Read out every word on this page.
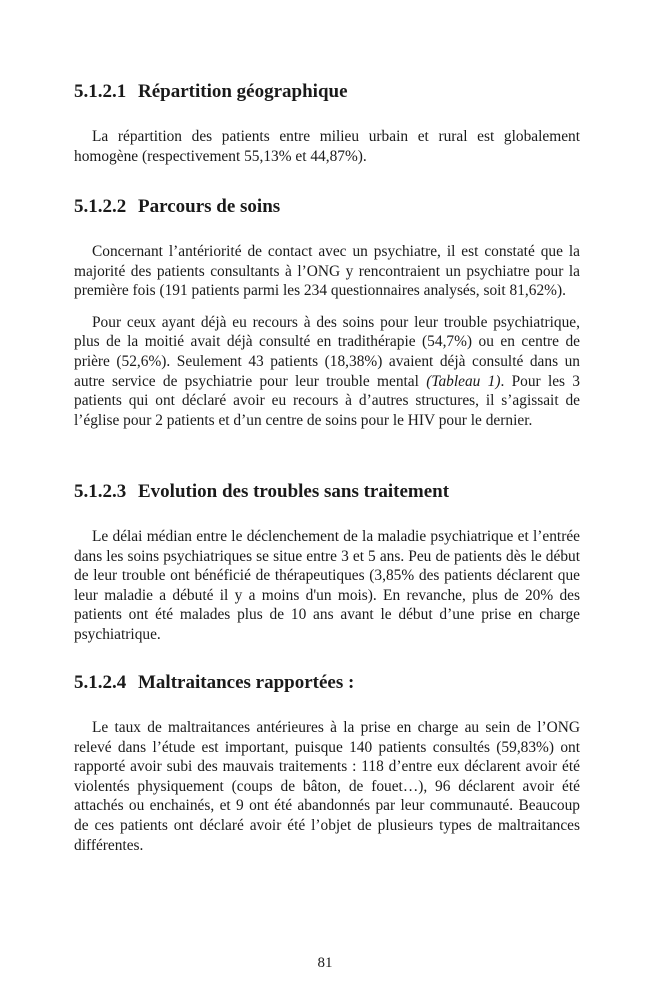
5.1.2.1 Répartition géographique

La répartition des patients entre milieu urbain et rural est globalement homogène (respectivement 55,13% et 44,87%).

5.1.2.2 Parcours de soins

Concernant l’antériorité de contact avec un psychiatre, il est constaté que la majorité des patients consultants à l’ONG y rencontraient un psychiatre pour la première fois (191 patients parmi les 234 questionnaires analysés, soit 81,62%).

Pour ceux ayant déjà eu recours à des soins pour leur trouble psychiatrique, plus de la moitié avait déjà consulté en tradithérapie (54,7%) ou en centre de prière (52,6%). Seulement 43 patients (18,38%) avaient déjà consulté dans un autre service de psychiatrie pour leur trouble mental (Tableau 1). Pour les 3 patients qui ont déclaré avoir eu recours à d’autres structures, il s’agissait de l’église pour 2 patients et d’un centre de soins pour le HIV pour le dernier.

5.1.2.3 Evolution des troubles sans traitement

Le délai médian entre le déclenchement de la maladie psychiatrique et l’entrée dans les soins psychiatriques se situe entre 3 et 5 ans. Peu de patients dès le début de leur trouble ont bénéficié de thérapeutiques (3,85% des patients déclarent que leur maladie a débuté il y a moins d'un mois). En revanche, plus de 20% des patients ont été malades plus de 10 ans avant le début d’une prise en charge psychiatrique.

5.1.2.4 Maltraitances rapportées :

Le taux de maltraitances antérieures à la prise en charge au sein de l’ONG relevé dans l’étude est important, puisque 140 patients consultés (59,83%) ont rapporté avoir subi des mauvais traitements : 118 d’entre eux déclarent avoir été violentés physiquement (coups de bâton, de fouet…), 96 déclarent avoir été attachés ou enchainés, et 9 ont été abandonnés par leur communauté. Beaucoup de ces patients ont déclaré avoir été l’objet de plusieurs types de maltraitances différentes.

81
